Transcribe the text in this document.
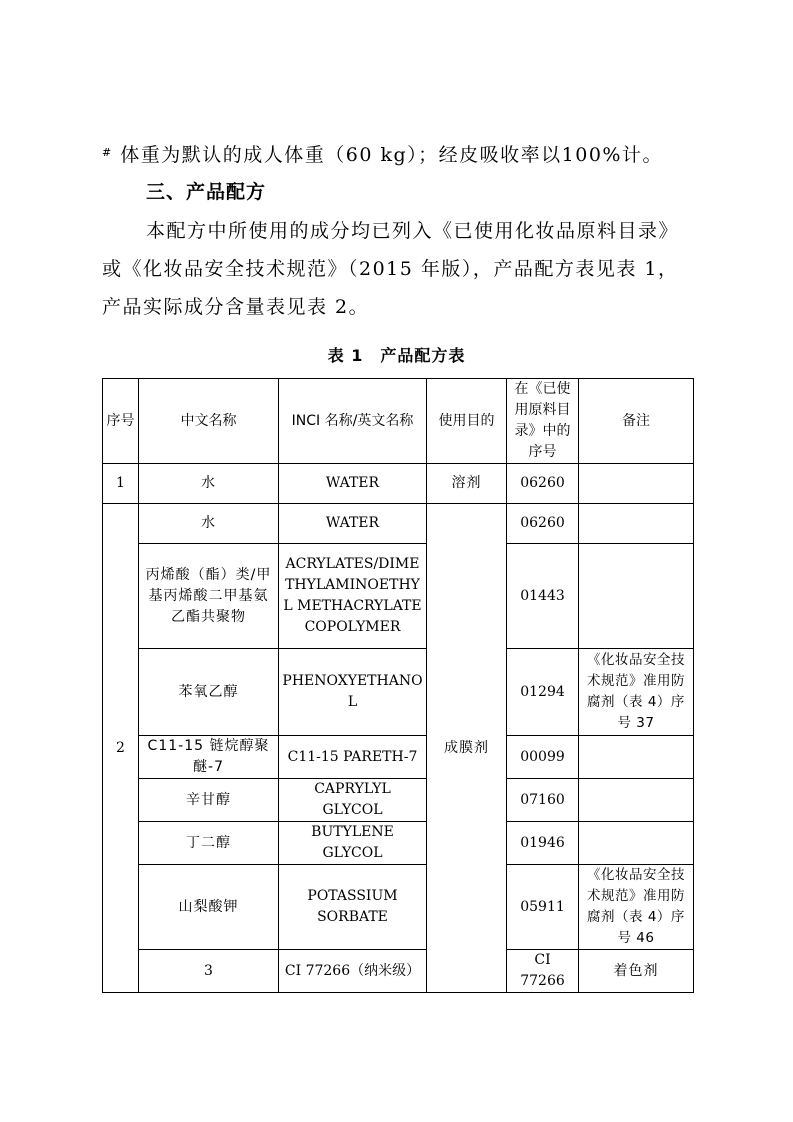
# 体重为默认的成人体重（60 kg）；经皮吸收率以100%计。

三、产品配方

本配方中所使用的成分均已列入《已使用化妆品原料目录》或《化妆品安全技术规范》（2015 年版），产品配方表见表 1，产品实际成分含量表见表 2。

表 1　产品配方表
序号	中文名称	INCI 名称/英文名称	使用目的	在《已使用原料目录》中的序号	备注	
1	水	WATER	溶剂	06260		
2	水	WATER	成膜剂	06260		
	丙烯酸（酯）类/甲基丙烯酸二甲基氨乙酯共聚物	ACRYLATES/DIMETHYLAMINOETHYL METHACRYLATE COPOLYMER		01443		
	苯氧乙醇	PHENOXYETHANOL		01294	《化妆品安全技术规范》准用防腐剂（表 4）序号 37	
	C11-15 链烷醇聚醚-7	C11-15 PARETH-7		00099		
	辛甘醇	CAPRYLYL GLYCOL		07160		
	丁二醇	BUTYLENE GLYCOL		01946		
	山梨酸钾	POTASSIUM SORBATE		05911	《化妆品安全技术规范》准用防腐剂（表 4）序号 46	
	3	CI 77266（纳米级）		CI 77266	着色剂		
